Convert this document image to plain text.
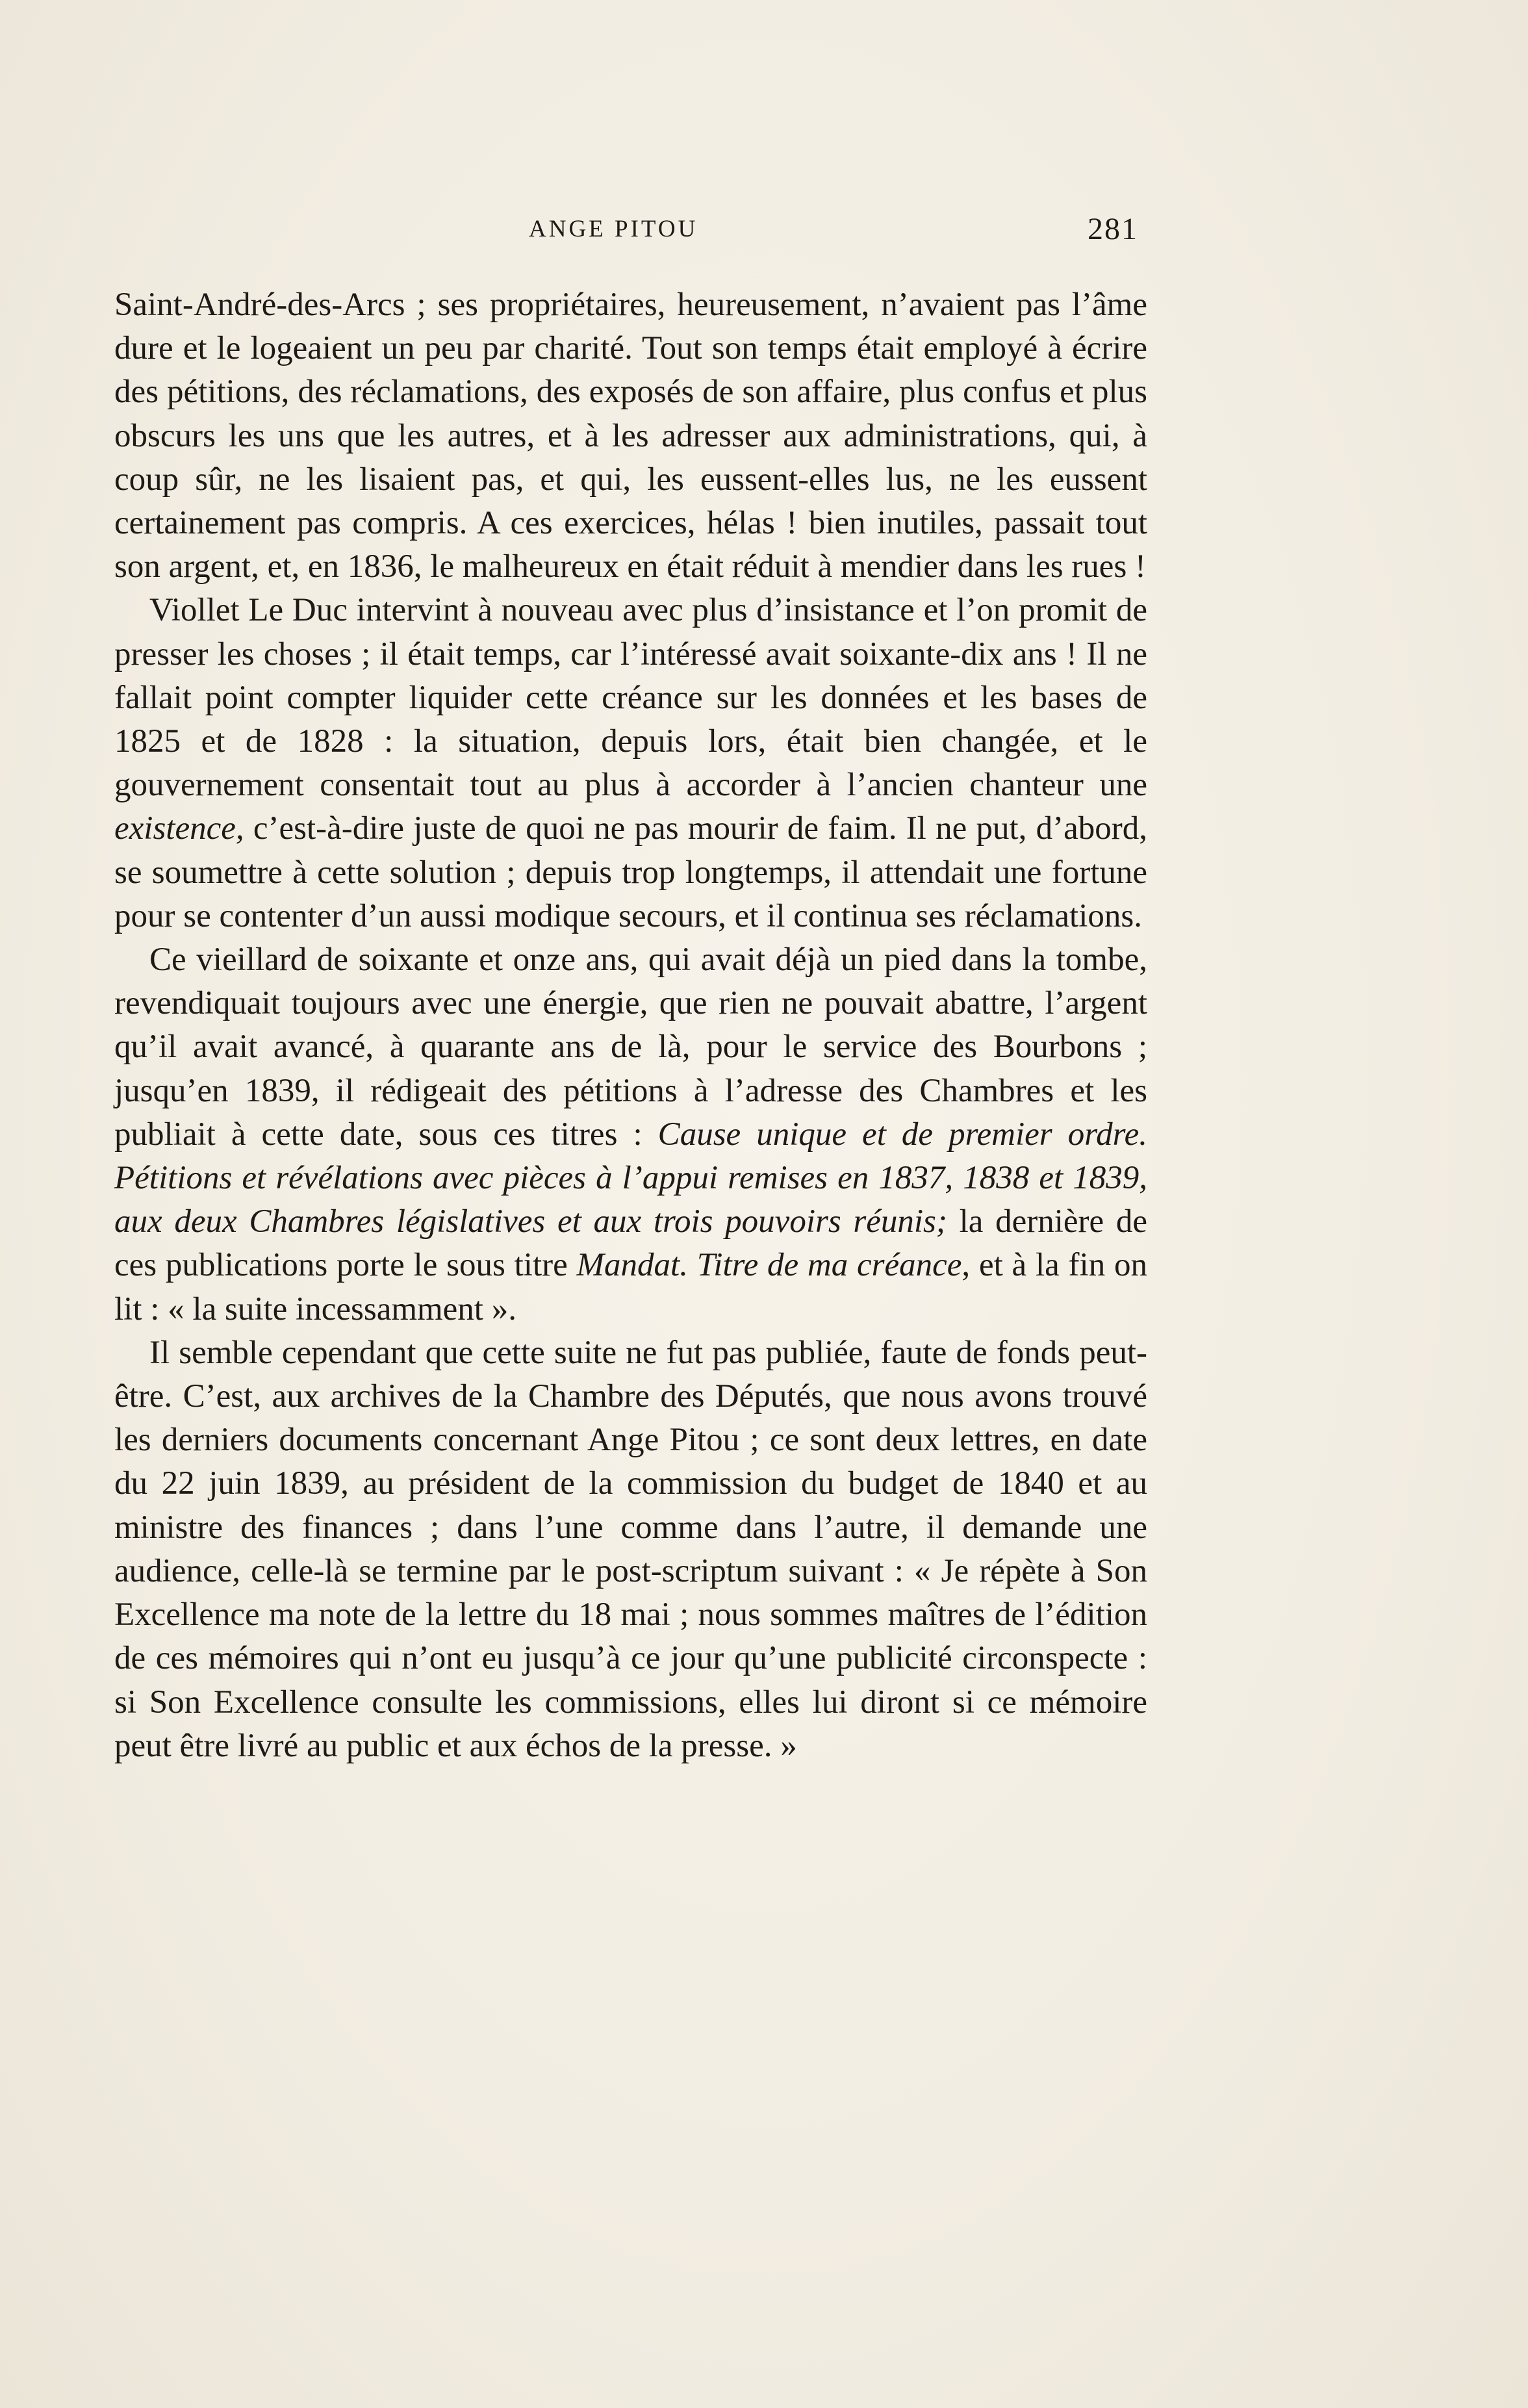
ANGE PITOU	281

Saint-André-des-Arcs ; ses propriétaires, heureusement, n’avaient pas l’âme dure et le logeaient un peu par charité. Tout son temps était employé à écrire des pétitions, des réclamations, des exposés de son affaire, plus confus et plus obscurs les uns que les autres, et à les adresser aux administrations, qui, à coup sûr, ne les lisaient pas, et qui, les eussent-elles lus, ne les eussent certainement pas compris. A ces exercices, hélas ! bien inutiles, passait tout son argent, et, en 1836, le malheureux en était réduit à mendier dans les rues !

Viollet Le Duc intervint à nouveau avec plus d’insistance et l’on promit de presser les choses ; il était temps, car l’intéressé avait soixante-dix ans ! Il ne fallait point compter liquider cette créance sur les données et les bases de 1825 et de 1828 : la situation, depuis lors, était bien changée, et le gouvernement consentait tout au plus à accorder à l’ancien chanteur une existence, c’est-à-dire juste de quoi ne pas mourir de faim. Il ne put, d’abord, se soumettre à cette solution ; depuis trop longtemps, il attendait une fortune pour se contenter d’un aussi modique secours, et il continua ses réclamations.

Ce vieillard de soixante et onze ans, qui avait déjà un pied dans la tombe, revendiquait toujours avec une énergie, que rien ne pouvait abattre, l’argent qu’il avait avancé, à quarante ans de là, pour le service des Bourbons ; jusqu’en 1839, il rédigeait des pétitions à l’adresse des Chambres et les publiait à cette date, sous ces titres : Cause unique et de premier ordre. Pétitions et révélations avec pièces à l’appui remises en 1837, 1838 et 1839, aux deux Chambres législatives et aux trois pouvoirs réunis; la dernière de ces publications porte le sous titre Mandat. Titre de ma créance, et à la fin on lit : « la suite incessamment ».

Il semble cependant que cette suite ne fut pas publiée, faute de fonds peut-être. C’est, aux archives de la Chambre des Députés, que nous avons trouvé les derniers documents concernant Ange Pitou ; ce sont deux lettres, en date du 22 juin 1839, au président de la commission du budget de 1840 et au ministre des finances ; dans l’une comme dans l’autre, il demande une audience, celle-là se termine par le post-scriptum suivant : « Je répète à Son Excellence ma note de la lettre du 18 mai ; nous sommes maîtres de l’édition de ces mémoires qui n’ont eu jusqu’à ce jour qu’une publicité circonspecte : si Son Excellence consulte les commissions, elles lui diront si ce mémoire peut être livré au public et aux échos de la presse. »
